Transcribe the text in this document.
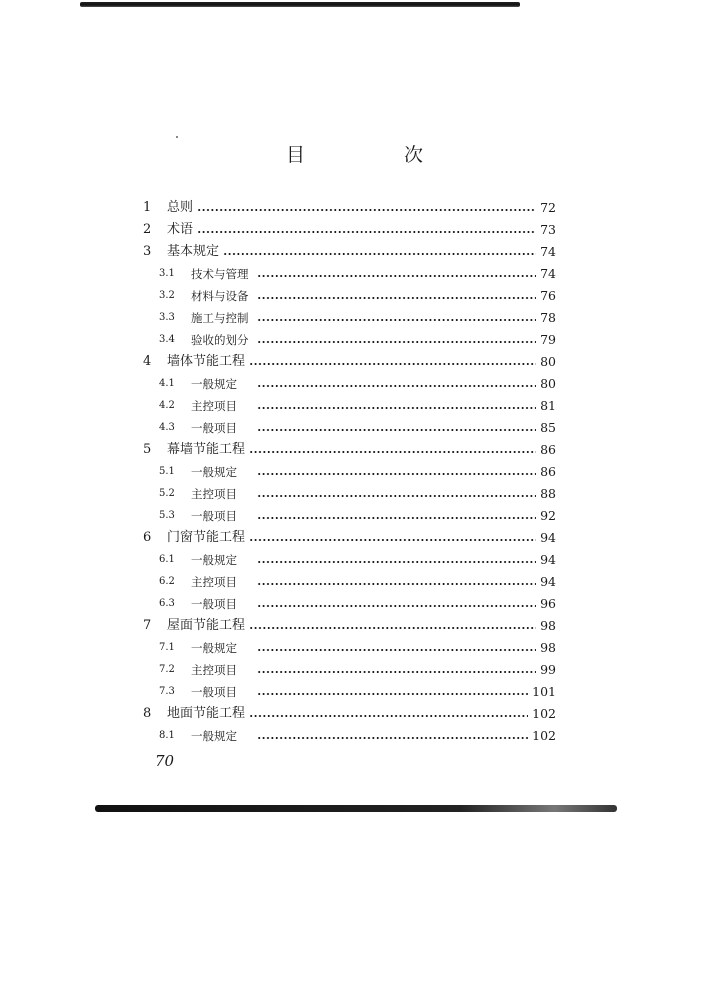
目　次
1	总则	72
2	术语	73
3	基本规定	74
3.1	技术与管理	74
3.2	材料与设备	76
3.3	施工与控制	78
3.4	验收的划分	79
4	墙体节能工程	80
4.1	一般规定	80
4.2	主控项目	81
4.3	一般项目	85
5	幕墙节能工程	86
5.1	一般规定	86
5.2	主控项目	88
5.3	一般项目	92
6	门窗节能工程	94
6.1	一般规定	94
6.2	主控项目	94
6.3	一般项目	96
7	屋面节能工程	98
7.1	一般规定	98
7.2	主控项目	99
7.3	一般项目	101
8	地面节能工程	102
8.1	一般规定	102
70
